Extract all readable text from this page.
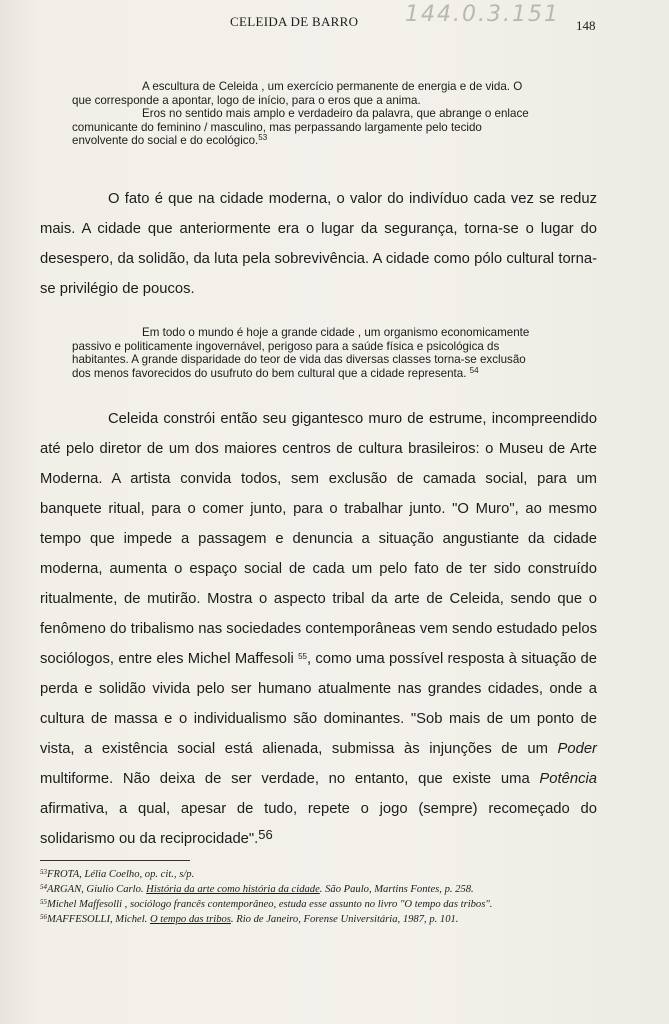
CELEIDA DE BARRO 144.0.3.151 148
A escultura de Celeida , um exercício permanente de energia e de vida. O
que corresponde a apontar, logo de início, para o eros que a anima.
Eros no sentido mais amplo e verdadeiro da palavra, que abrange o enlace
comunicante do feminino / masculino, mas perpassando largamente pelo tecido
envolvente do social e do ecológico.$^{53}$
O fato é que na cidade moderna, o valor do indivíduo cada vez se reduz mais. A cidade que anteriormente era o lugar da segurança, torna-se o lugar do desespero, da solidão, da luta pela sobrevivência. A cidade como pólo cultural torna-se privilégio de poucos.
Em todo o mundo é hoje a grande cidade , um organismo economicamente
passivo e politicamente ingovernável, perigoso para a saúde física e psicológica ds
habitantes. A grande disparidade do teor de vida das diversas classes torna-se exclusão
dos menos favorecidos do usufruto do bem cultural que a cidade representa. $^{54}$
Celeida constrói então seu gigantesco muro de estrume, incompreendido até pelo diretor de um dos maiores centros de cultura brasileiros: o Museu de Arte Moderna. A artista convida todos, sem exclusão de camada social, para um banquete ritual, para o comer junto, para o trabalhar junto. "O Muro", ao mesmo tempo que impede a passagem e denuncia a situação angustiante da cidade moderna, aumenta o espaço social de cada um pelo fato de ter sido construído ritualmente, de mutirão. Mostra o aspecto tribal da arte de Celeida, sendo que o fenômeno do tribalismo nas sociedades contemporâneas vem sendo estudado pelos sociólogos, entre eles Michel Maffesoli $^{55}$, como uma possível resposta à situação de perda e solidão vivida pelo ser humano atualmente nas grandes cidades, onde a cultura de massa e o individualismo são dominantes. "Sob mais de um ponto de vista, a existência social está alienada, submissa às injunções de um Poder multiforme. Não deixa de ser verdade, no entanto, que existe uma Potência afirmativa, a qual, apesar de tudo, repete o jogo (sempre) recomeçado do solidarismo ou da reciprocidade".$^{56}$
$^{53}$FROTA, Lélia Coelho, op. cit., s/p.
$^{54}$ARGAN, Giulio Carlo. História da arte como história da cidade. São Paulo, Martins Fontes, p. 258.
$^{55}$Michel Maffesolli , sociólogo francês contemporâneo, estuda esse assunto no livro "O tempo das tribos".
$^{56}$MAFFESOLLI, Michel. O tempo das tribos. Rio de Janeiro, Forense Universitária, 1987, p. 101.
